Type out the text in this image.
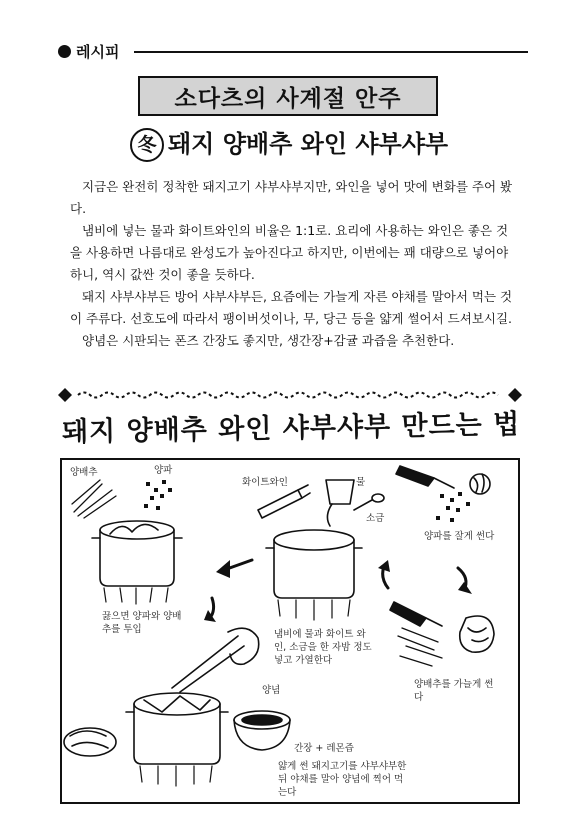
레시피
소다츠의 사계절 안주
冬 돼지 양배추 와인 샤부샤부

지금은 완전히 정착한 돼지고기 샤부샤부지만, 와인을 넣어 맛에 변화를 주어 봤다.

냄비에 넣는 물과 화이트와인의 비율은 1:1로. 요리에 사용하는 와인은 좋은 것을 사용하면 나름대로 완성도가 높아진다고 하지만, 이번에는 꽤 대량으로 넣어야 하니, 역시 값싼 것이 좋을 듯하다.

돼지 샤부샤부든 방어 샤부샤부든, 요즘에는 가늘게 자른 야채를 말아서 먹는 것이 주류다. 선호도에 따라서 팽이버섯이나, 무, 당근 등을 얇게 썰어서 드셔보시길.

양념은 시판되는 폰즈 간장도 좋지만, 생간장+감귤 과즙을 추천한다.

돼지 양배추 와인 샤부샤부 만드는 법
양배추	양파
화이트와인	물
소금
양파를 잘게 썬다
냄비에 물과 화이트 와인, 소금을 한 자밤 정도 넣고 가열한다
끓으면 양파와 양배추를 투입
양배추를 가늘게 썬다
양념
간장 + 레몬즙
얇게 썬 돼지고기를 샤부샤부한 뒤 야채를 말아 양념에 찍어 먹는다
